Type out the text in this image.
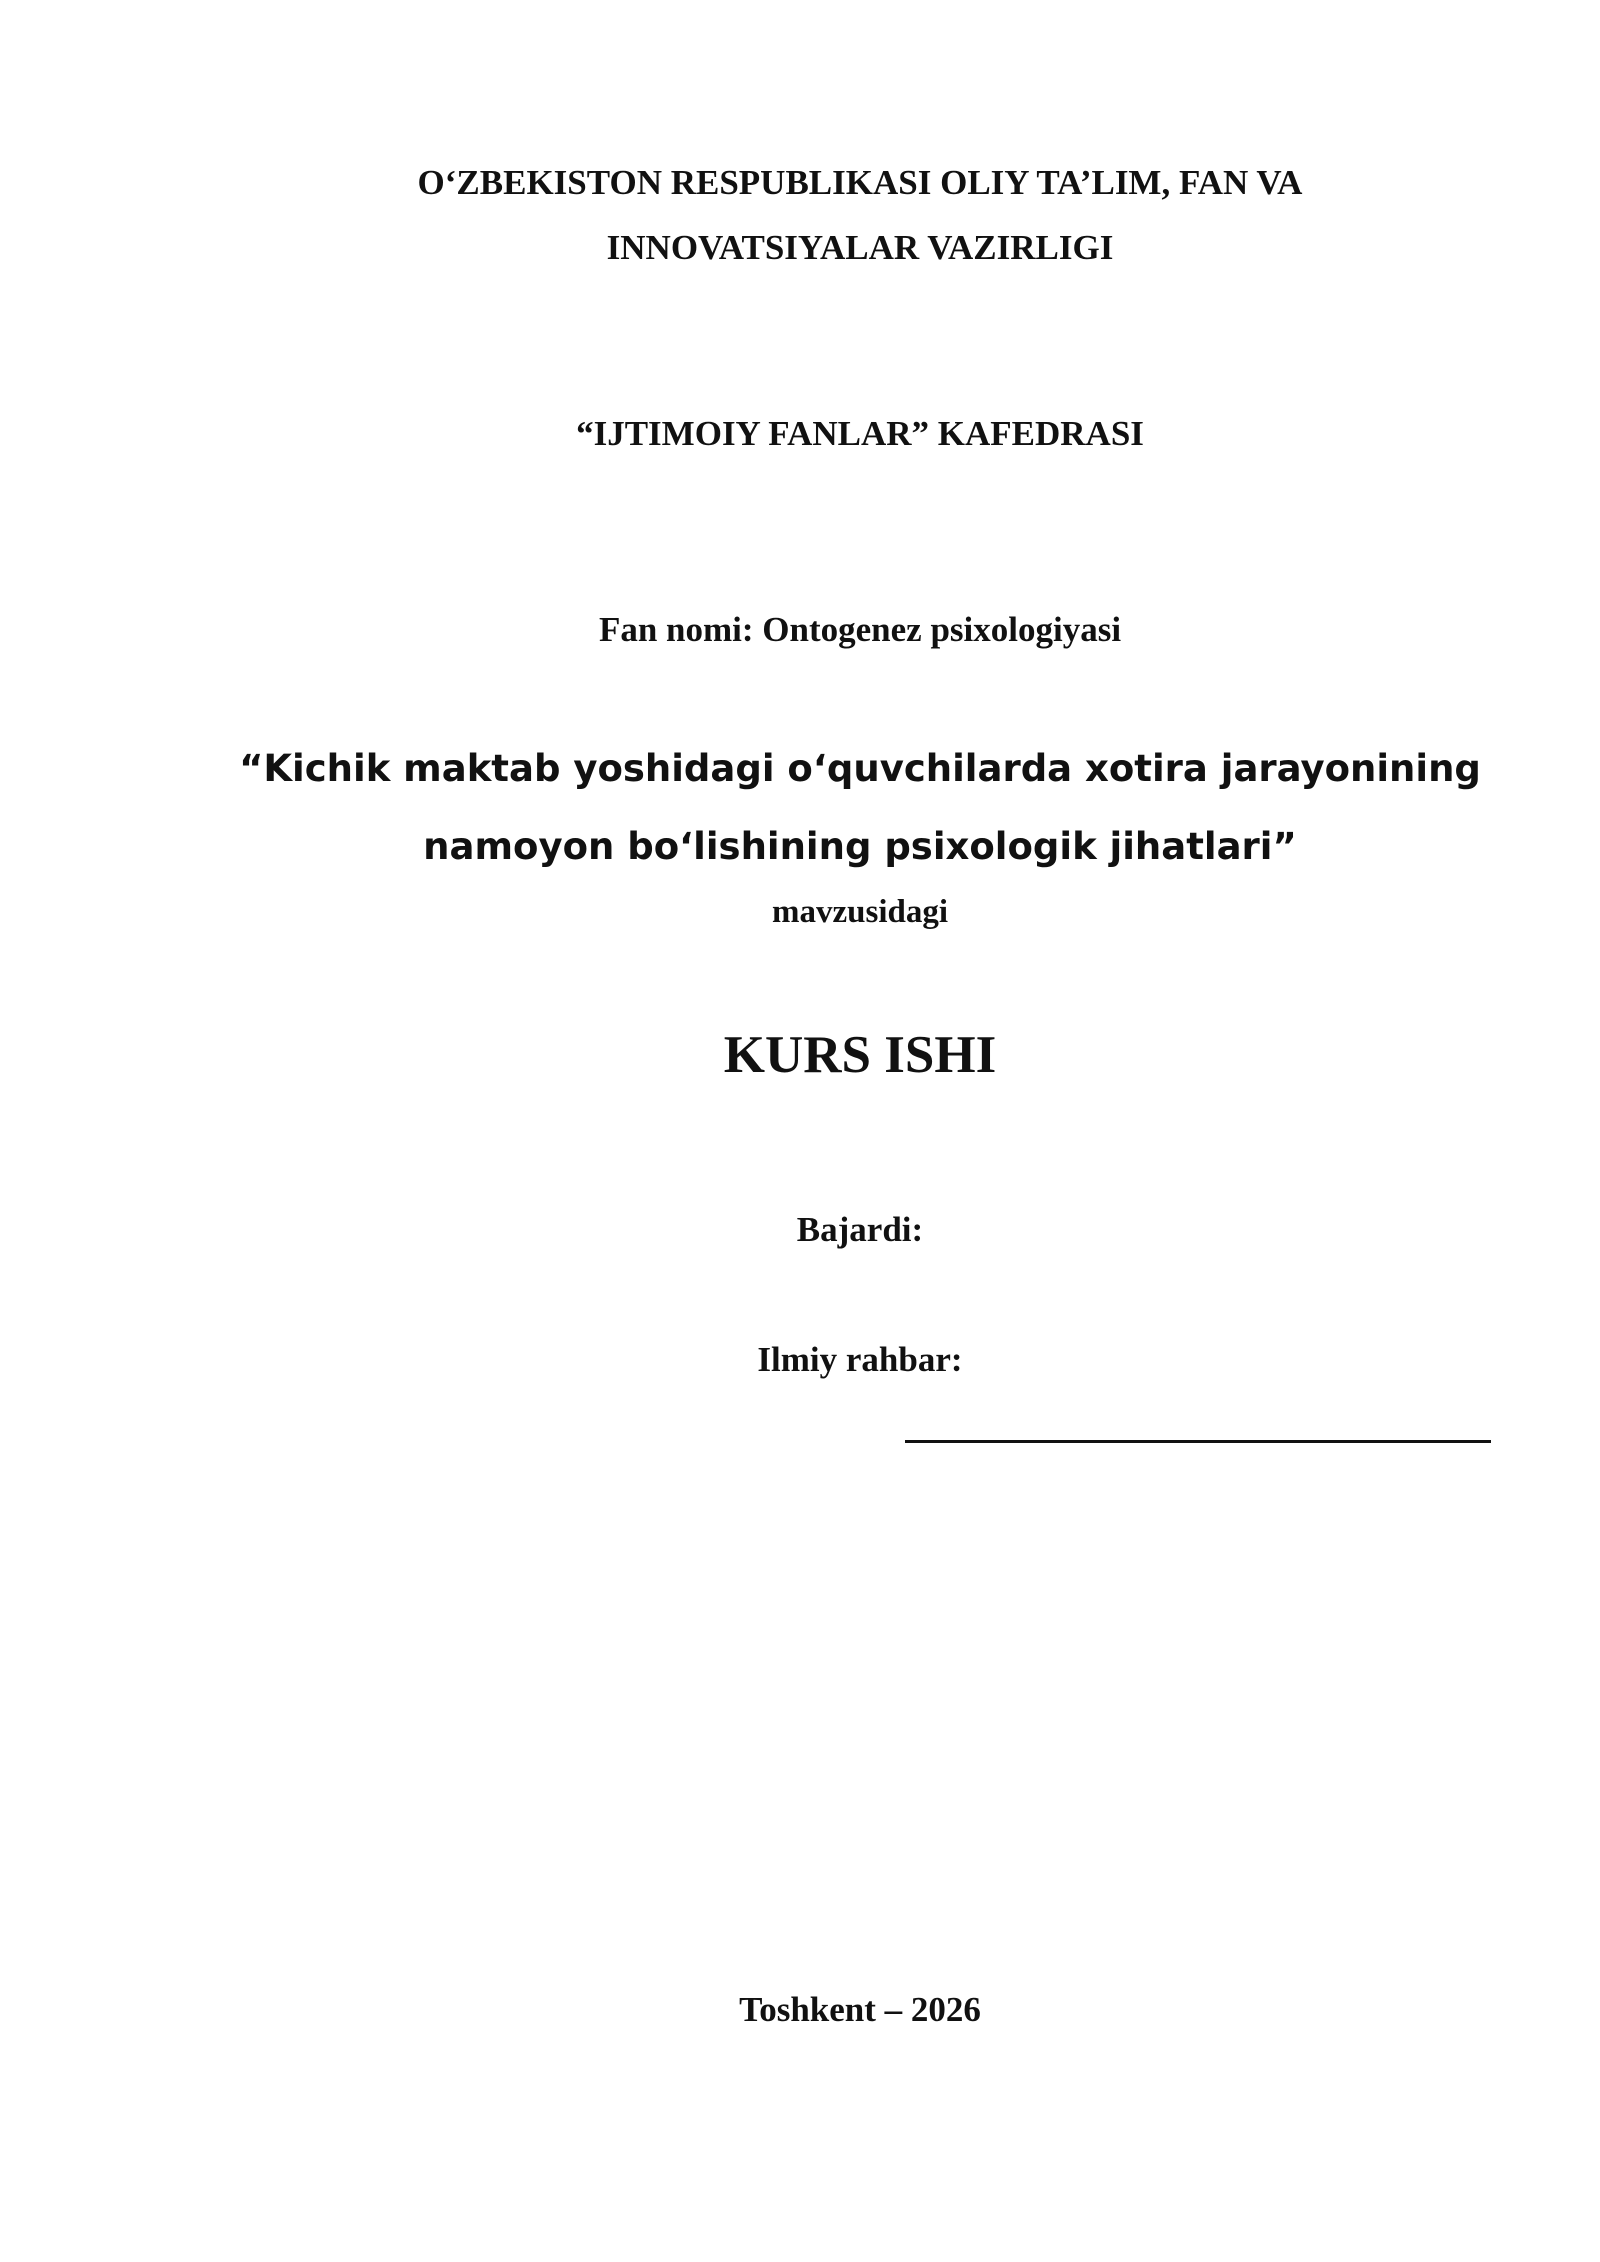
O‘ZBEKISTON RESPUBLIKASI OLIY TA’LIM, FAN VA
INNOVATSIYALAR VAZIRLIGI
“IJTIMOIY FANLAR” KAFEDRASI
Fan nomi: Ontogenez psixologiyasi
“Kichik maktab yoshidagi o‘quvchilarda xotira jarayonining
namoyon bo‘lishining psixologik jihatlari”
mavzusidagi
KURS ISHI
Bajardi:
Ilmiy rahbar:
Toshkent – 2026
